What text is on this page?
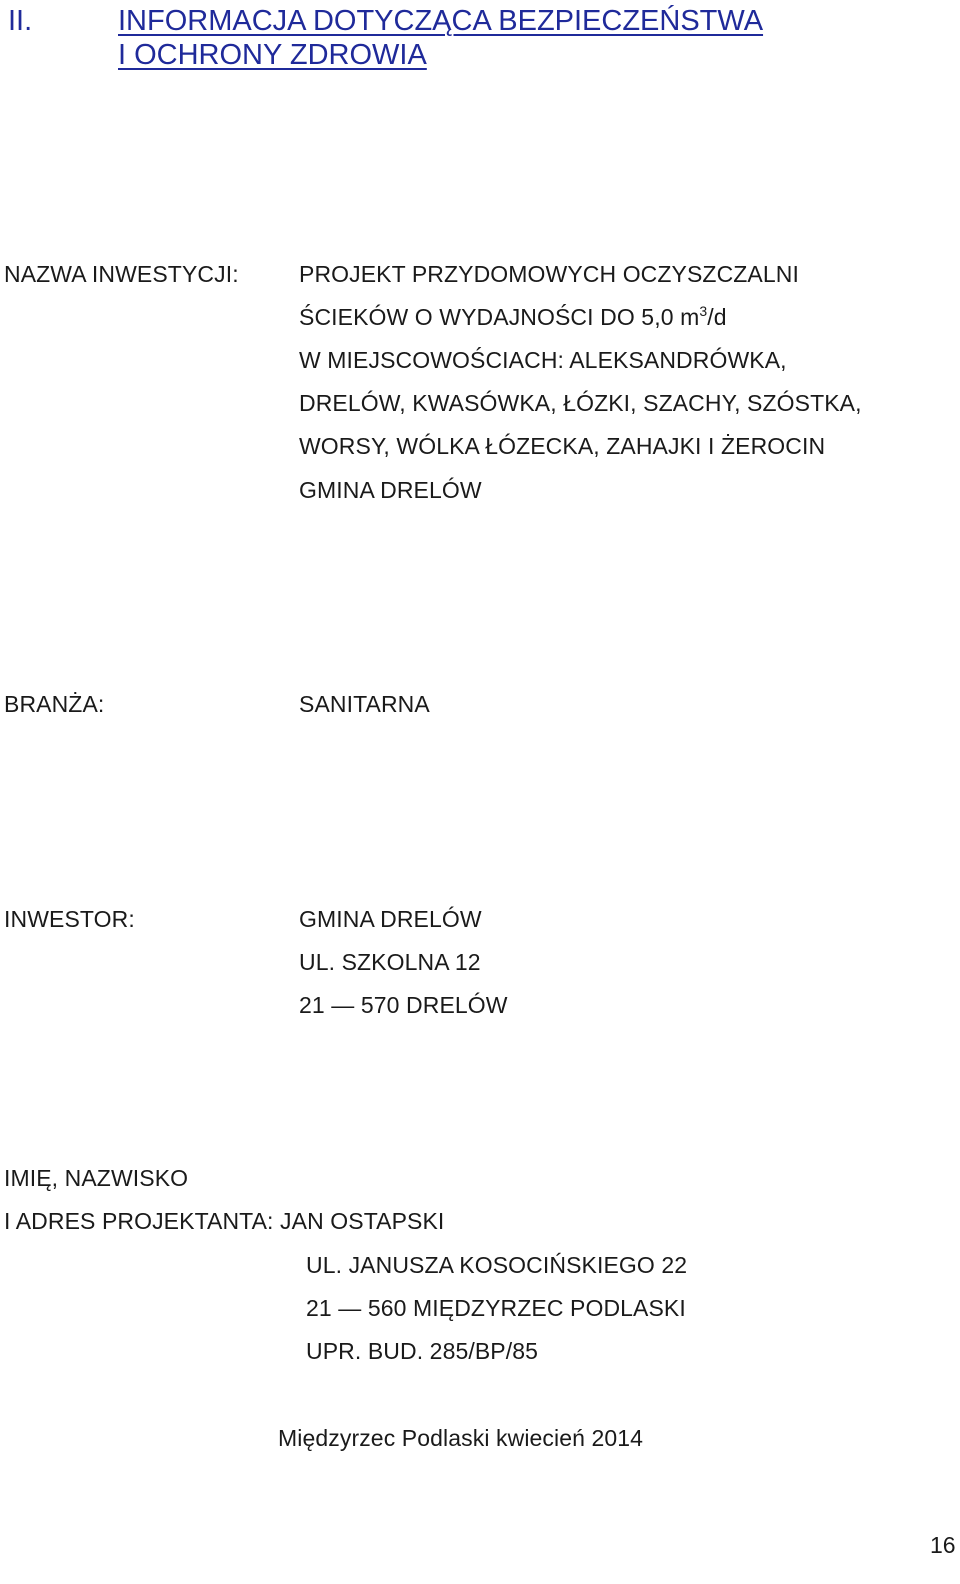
II.	INFORMACJA DOTYCZĄCA BEZPIECZEŃSTWA
I OCHRONY ZDROWIA
NAZWA INWESTYCJI:	PROJEKT PRZYDOMOWYCH OCZYSZCZALNI
ŚCIEKÓW O WYDAJNOŚCI DO 5,0 $m^3/d$
W MIEJSCOWOŚCIACH: ALEKSANDRÓWKA,
DRELÓW, KWASÓWKA, ŁÓZKI, SZACHY, SZÓSTKA,
WORSY, WÓLKA ŁÓZECKA, ZAHAJKI I ŻEROCIN
GMINA DRELÓW
BRANŻA:	SANITARNA
INWESTOR:	GMINA DRELÓW
UL. SZKOLNA 12
21 — 570 DRELÓW
IMIĘ, NAZWISKO
I ADRES PROJEKTANTA: JAN OSTAPSKI
UL. JANUSZA KOSOCIŃSKIEGO 22
21 — 560 MIĘDZYRZEC PODLASKI
UPR. BUD. 285/BP/85
Międzyrzec Podlaski kwiecień 2014
16
